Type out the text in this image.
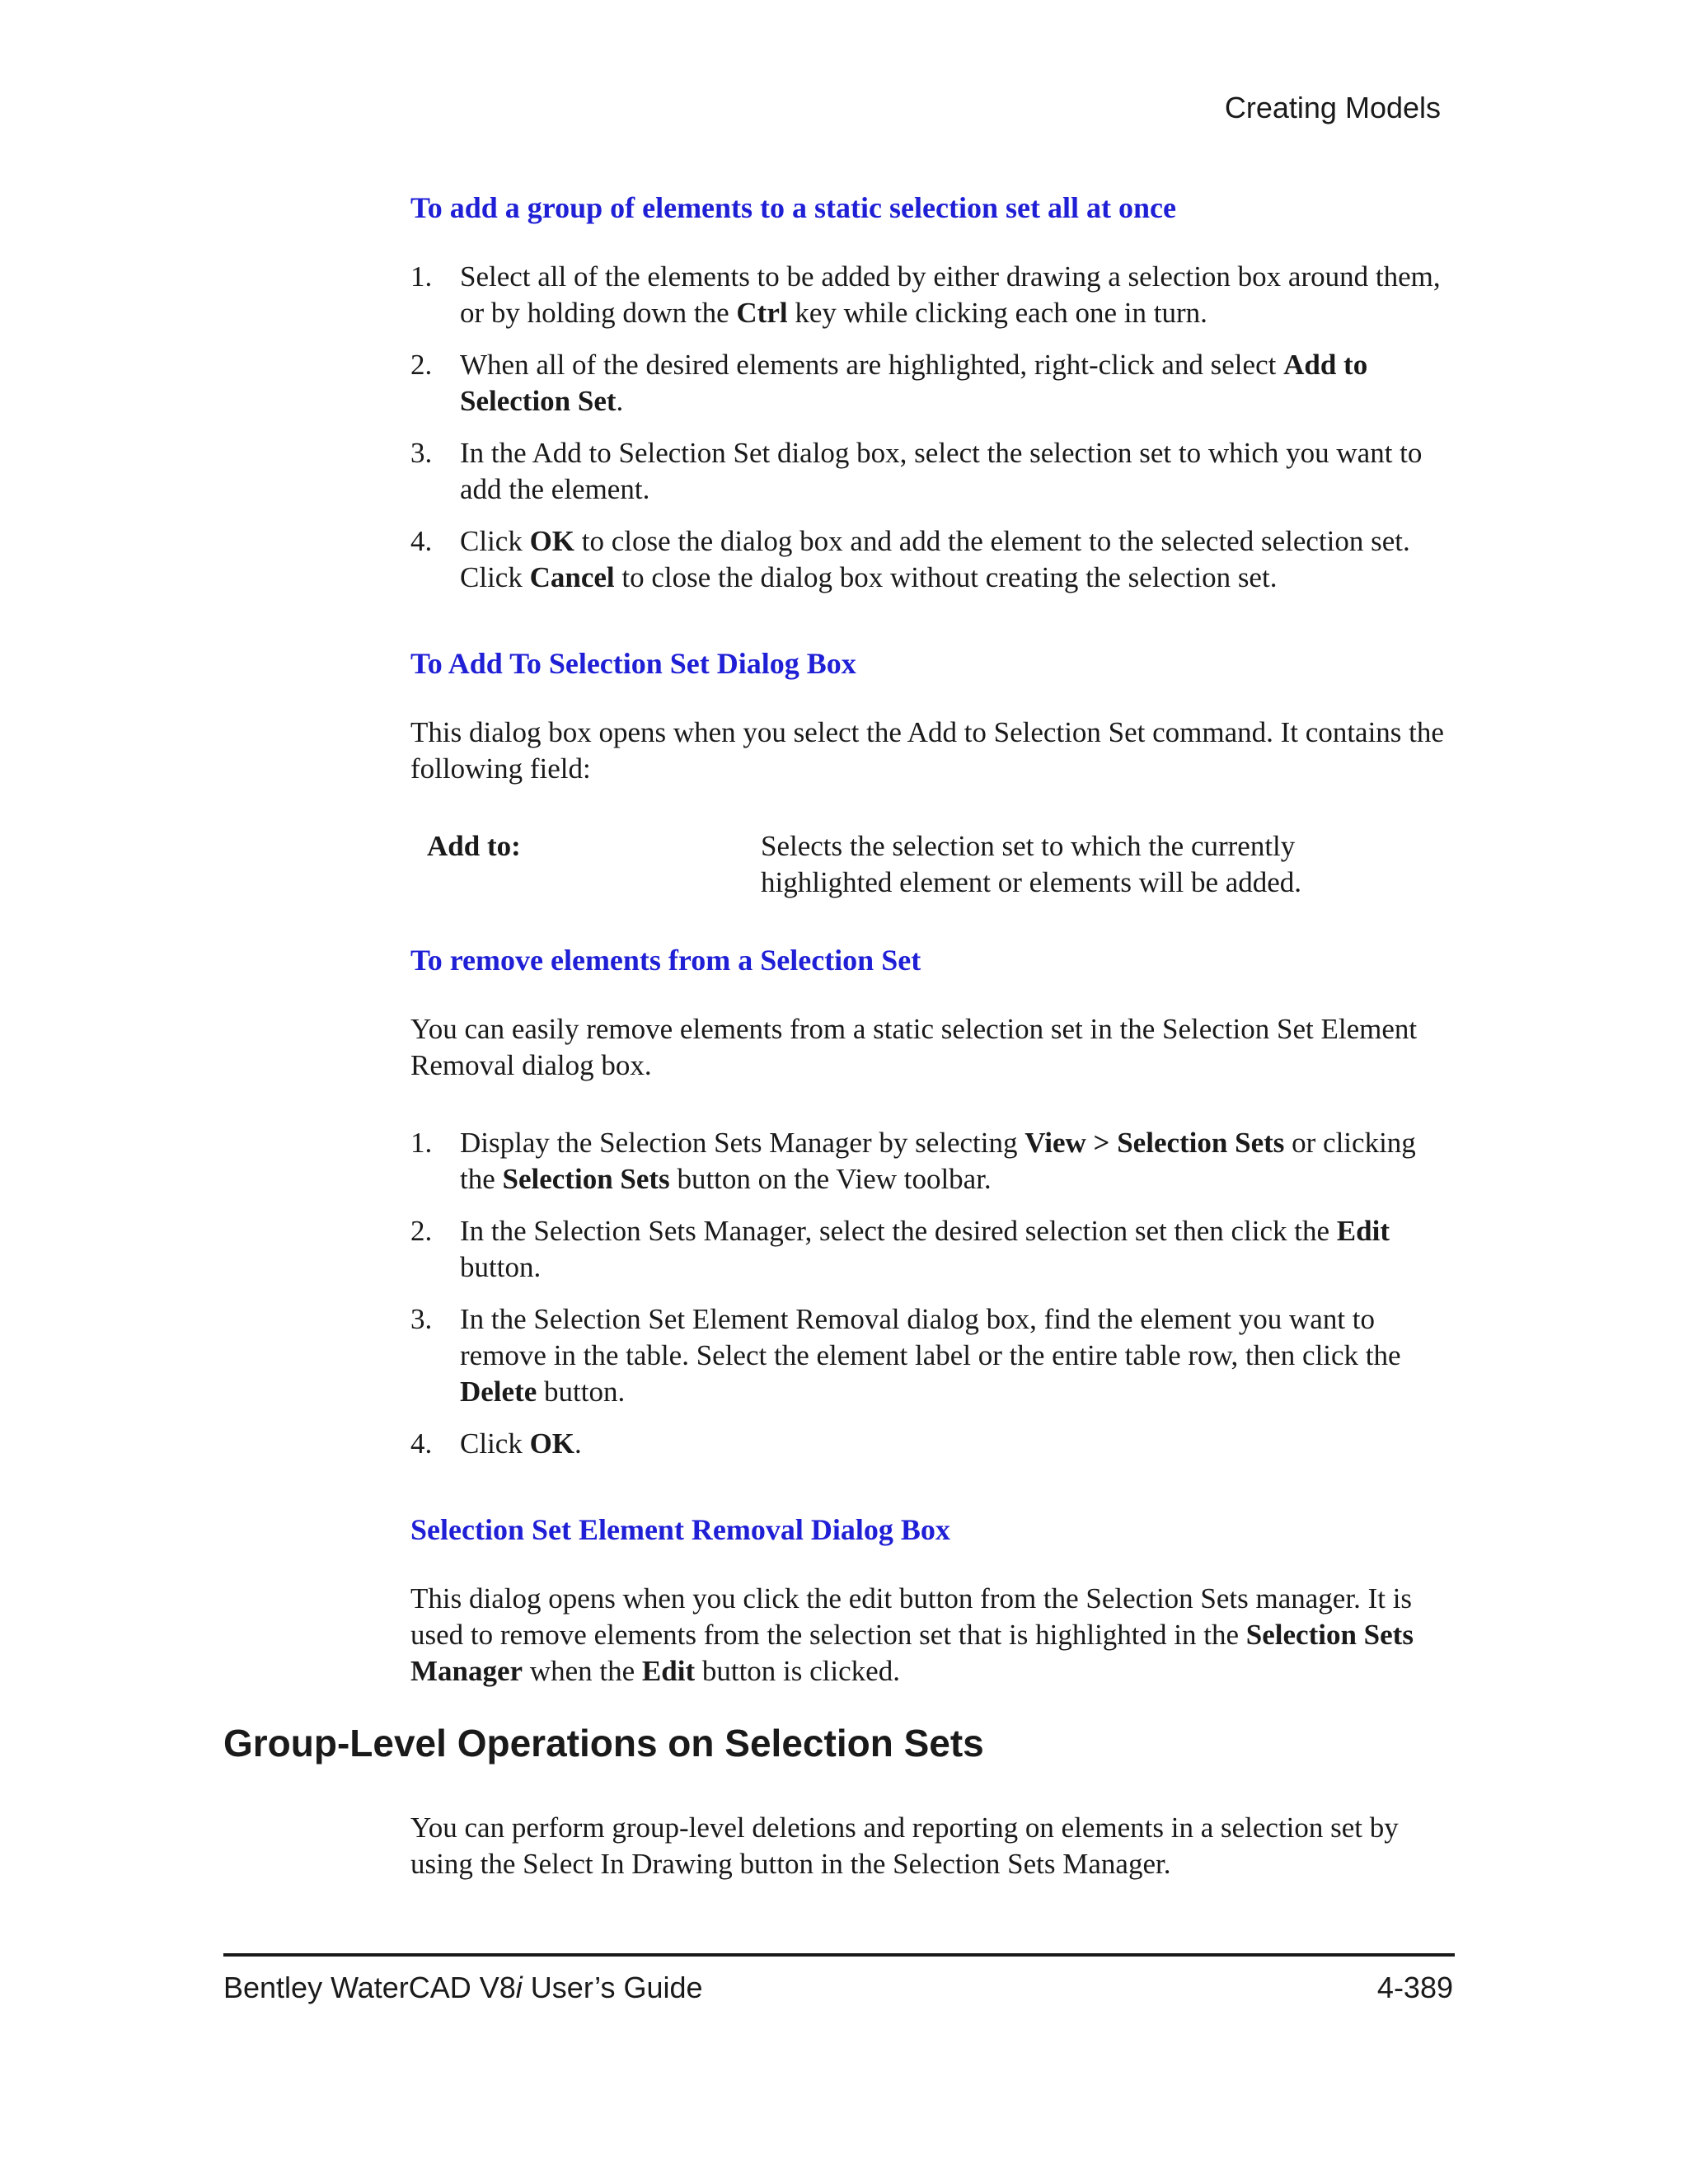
Creating Models
To add a group of elements to a static selection set all at once
1. Select all of the elements to be added by either drawing a selection box around them, or by holding down the Ctrl key while clicking each one in turn.
2. When all of the desired elements are highlighted, right-click and select Add to Selection Set.
3. In the Add to Selection Set dialog box, select the selection set to which you want to add the element.
4. Click OK to close the dialog box and add the element to the selected selection set. Click Cancel to close the dialog box without creating the selection set.
To Add To Selection Set Dialog Box

This dialog box opens when you select the Add to Selection Set command. It contains the following field:

Add to:	Selects the selection set to which the currently highlighted element or elements will be added.
To remove elements from a Selection Set

You can easily remove elements from a static selection set in the Selection Set Element Removal dialog box.

1. Display the Selection Sets Manager by selecting View > Selection Sets or clicking the Selection Sets button on the View toolbar.
2. In the Selection Sets Manager, select the desired selection set then click the Edit button.
3. In the Selection Set Element Removal dialog box, find the element you want to remove in the table. Select the element label or the entire table row, then click the Delete button.
4. Click OK.
Selection Set Element Removal Dialog Box

This dialog opens when you click the edit button from the Selection Sets manager. It is used to remove elements from the selection set that is highlighted in the Selection Sets Manager when the Edit button is clicked.

Group-Level Operations on Selection Sets
You can perform group-level deletions and reporting on elements in a selection set by using the Select In Drawing button in the Selection Sets Manager.
Bentley WaterCAD V8i User’s Guide	4-389
